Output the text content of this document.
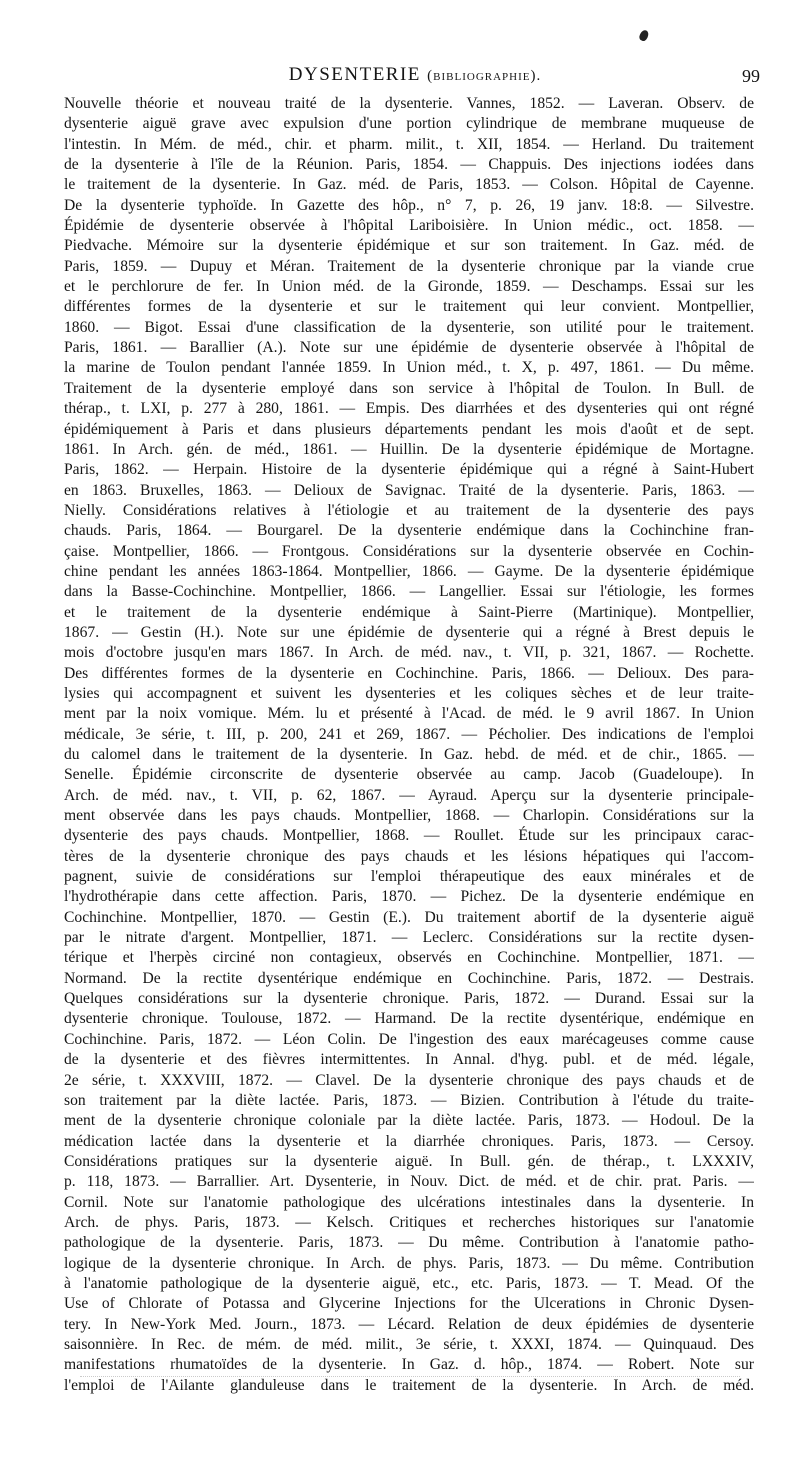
DYSENTERIE (bibliographie).	99
Nouvelle théorie et nouveau traité de la dysenterie. Vannes, 1852. — Laveran. Observ. de
dysenterie aiguë grave avec expulsion d'une portion cylindrique de membrane muqueuse de
l'intestin. In Mém. de méd., chir. et pharm. milit., t. XII, 1854. — Herland. Du traitement
de la dysenterie à l'île de la Réunion. Paris, 1854. — Chappuis. Des injections iodées dans
le traitement de la dysenterie. In Gaz. méd. de Paris, 1853. — Colson. Hôpital de Cayenne.
De la dysenterie typhoïde. In Gazette des hôp., n° 7, p. 26, 19 janv. 18:8. — Silvestre.
Épidémie de dysenterie observée à l'hôpital Lariboisière. In Union médic., oct. 1858. —
Piedvache. Mémoire sur la dysenterie épidémique et sur son traitement. In Gaz. méd. de
Paris, 1859. — Dupuy et Méran. Traitement de la dysenterie chronique par la viande crue
et le perchlorure de fer. In Union méd. de la Gironde, 1859. — Deschamps. Essai sur les
différentes formes de la dysenterie et sur le traitement qui leur convient. Montpellier,
1860. — Bigot. Essai d'une classification de la dysenterie, son utilité pour le traitement.
Paris, 1861. — Barallier (A.). Note sur une épidémie de dysenterie observée à l'hôpital de
la marine de Toulon pendant l'année 1859. In Union méd., t. X, p. 497, 1861. — Du même.
Traitement de la dysenterie employé dans son service à l'hôpital de Toulon. In Bull. de
thérap., t. LXI, p. 277 à 280, 1861. — Empis. Des diarrhées et des dysenteries qui ont régné
épidémiquement à Paris et dans plusieurs départements pendant les mois d'août et de sept.
1861. In Arch. gén. de méd., 1861. — Huillin. De la dysenterie épidémique de Mortagne.
Paris, 1862. — Herpain. Histoire de la dysenterie épidémique qui a régné à Saint-Hubert
en 1863. Bruxelles, 1863. — Delioux de Savignac. Traité de la dysenterie. Paris, 1863. —
Nielly. Considérations relatives à l'étiologie et au traitement de la dysenterie des pays
chauds. Paris, 1864. — Bourgarel. De la dysenterie endémique dans la Cochinchine fran-
çaise. Montpellier, 1866. — Frontgous. Considérations sur la dysenterie observée en Cochin-
chine pendant les années 1863-1864. Montpellier, 1866. — Gayme. De la dysenterie épidémique
dans la Basse-Cochinchine. Montpellier, 1866. — Langellier. Essai sur l'étiologie, les formes
et le traitement de la dysenterie endémique à Saint-Pierre (Martinique). Montpellier,
1867. — Gestin (H.). Note sur une épidémie de dysenterie qui a régné à Brest depuis le
mois d'octobre jusqu'en mars 1867. In Arch. de méd. nav., t. VII, p. 321, 1867. — Rochette.
Des différentes formes de la dysenterie en Cochinchine. Paris, 1866. — Delioux. Des para-
lysies qui accompagnent et suivent les dysenteries et les coliques sèches et de leur traite-
ment par la noix vomique. Mém. lu et présenté à l'Acad. de méd. le 9 avril 1867. In Union
médicale, 3e série, t. III, p. 200, 241 et 269, 1867. — Pécholier. Des indications de l'emploi
du calomel dans le traitement de la dysenterie. In Gaz. hebd. de méd. et de chir., 1865. —
Senelle. Épidémie circonscrite de dysenterie observée au camp. Jacob (Guadeloupe). In
Arch. de méd. nav., t. VII, p. 62, 1867. — Ayraud. Aperçu sur la dysenterie principale-
ment observée dans les pays chauds. Montpellier, 1868. — Charlopin. Considérations sur la
dysenterie des pays chauds. Montpellier, 1868. — Roullet. Étude sur les principaux carac-
tères de la dysenterie chronique des pays chauds et les lésions hépatiques qui l'accom-
pagnent, suivie de considérations sur l'emploi thérapeutique des eaux minérales et de
l'hydrothérapie dans cette affection. Paris, 1870. — Pichez. De la dysenterie endémique en
Cochinchine. Montpellier, 1870. — Gestin (E.). Du traitement abortif de la dysenterie aiguë
par le nitrate d'argent. Montpellier, 1871. — Leclerc. Considérations sur la rectite dysen-
térique et l'herpès circiné non contagieux, observés en Cochinchine. Montpellier, 1871. —
Normand. De la rectite dysentérique endémique en Cochinchine. Paris, 1872. — Destrais.
Quelques considérations sur la dysenterie chronique. Paris, 1872. — Durand. Essai sur la
dysenterie chronique. Toulouse, 1872. — Harmand. De la rectite dysentérique, endémique en
Cochinchine. Paris, 1872. — Léon Colin. De l'ingestion des eaux marécageuses comme cause
de la dysenterie et des fièvres intermittentes. In Annal. d'hyg. publ. et de méd. légale,
2e série, t. XXXVIII, 1872. — Clavel. De la dysenterie chronique des pays chauds et de
son traitement par la diète lactée. Paris, 1873. — Bizien. Contribution à l'étude du traite-
ment de la dysenterie chronique coloniale par la diète lactée. Paris, 1873. — Hodoul. De la
médication lactée dans la dysenterie et la diarrhée chroniques. Paris, 1873. — Cersoy.
Considérations pratiques sur la dysenterie aiguë. In Bull. gén. de thérap., t. LXXXIV,
p. 118, 1873. — Barrallier. Art. Dysenterie, in Nouv. Dict. de méd. et de chir. prat. Paris. —
Cornil. Note sur l'anatomie pathologique des ulcérations intestinales dans la dysenterie. In
Arch. de phys. Paris, 1873. — Kelsch. Critiques et recherches historiques sur l'anatomie
pathologique de la dysenterie. Paris, 1873. — Du même. Contribution à l'anatomie patho-
logique de la dysenterie chronique. In Arch. de phys. Paris, 1873. — Du même. Contribution
à l'anatomie pathologique de la dysenterie aiguë, etc., etc. Paris, 1873. — T. Mead. Of the
Use of Chlorate of Potassa and Glycerine Injections for the Ulcerations in Chronic Dysen-
tery. In New-York Med. Journ., 1873. — Lécard. Relation de deux épidémies de dysenterie
saisonnière. In Rec. de mém. de méd. milit., 3e série, t. XXXI, 1874. — Quinquaud. Des
manifestations rhumatoïdes de la dysenterie. In Gaz. d. hôp., 1874. — Robert. Note sur
l'emploi de l'Ailante glanduleuse dans le traitement de la dysenterie. In Arch. de méd.
